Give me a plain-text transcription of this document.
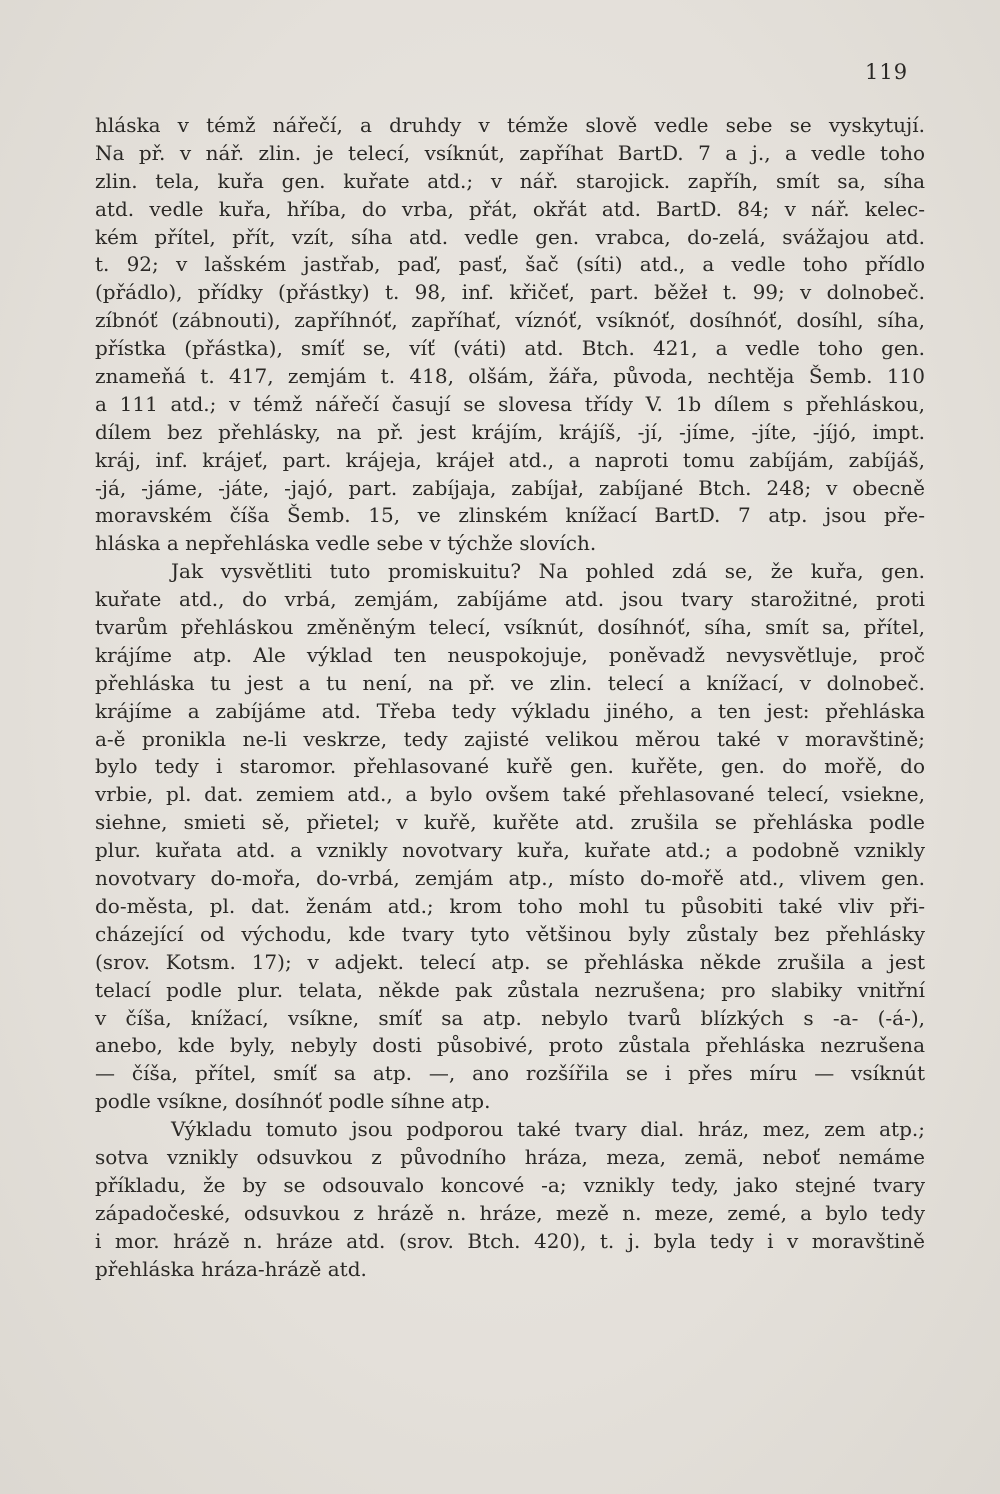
119
hláska v témž nářečí, a druhdy v témže slově vedle sebe se vyskytují.
Na př. v nář. zlin. je telecí, vsíknút, zapříhat BartD. 7 a j., a vedle toho
zlin. tela, kuřa gen. kuřate atd.; v nář. starojick. zapříh, smít sa, síha
atd. vedle kuřa, hříba, do vrba, přát, okřát atd. BartD. 84; v nář. kelec-
kém přítel, přít, vzít, síha atd. vedle gen. vrabca, do-zelá, svážajou atd.
t. 92; v lašském jastřab, paď, pasť, šač (síti) atd., a vedle toho přídlo
(přádlo), přídky (přástky) t. 98, inf. křičeť, part. běžeł t. 99; v dolnobeč.
zíbnóť (zábnouti), zapříhnóť, zapříhať, víznóť, vsíknóť, dosíhnóť, dosíhl, síha,
přístka (přástka), smíť se, víť (váti) atd. Btch. 421, a vedle toho gen.
znameňá t. 417, zemjám t. 418, olšám, žářa, původa, nechtěja Šemb. 110
a 111 atd.; v témž nářečí časují se slovesa třídy V. 1b dílem s přehláskou,
dílem bez přehlásky, na př. jest krájím, krájíš, -jí, -jíme, -jíte, -jíjó, impt.
kráj, inf. krájeť, part. krájeja, krájeł atd., a naproti tomu zabíjám, zabíjáš,
-já, -jáme, -játe, -jajó, part. zabíjaja, zabíjał, zabíjané Btch. 248; v obecně
moravském číša Šemb. 15, ve zlinském knížací BartD. 7 atp. jsou pře-
hláska a nepřehláska vedle sebe v týchže slovích.
Jak vysvětliti tuto promiskuitu? Na pohled zdá se, že kuřa, gen.
kuřate atd., do vrbá, zemjám, zabíjáme atd. jsou tvary starožitné, proti
tvarům přehláskou změněným telecí, vsíknút, dosíhnóť, síha, smít sa, přítel,
krájíme atp. Ale výklad ten neuspokojuje, poněvadž nevysvětluje, proč
přehláska tu jest a tu není, na př. ve zlin. telecí a knížací, v dolnobeč.
krájíme a zabíjáme atd. Třeba tedy výkladu jiného, a ten jest: přehláska
a-ě pronikla ne-li veskrze, tedy zajisté velikou měrou také v moravštině;
bylo tedy i staromor. přehlasované kuřě gen. kuřěte, gen. do mořě, do
vrbie, pl. dat. zemiem atd., a bylo ovšem také přehlasované telecí, vsiekne,
siehne, smieti sě, přietel; v kuřě, kuřěte atd. zrušila se přehláska podle
plur. kuřata atd. a vznikly novotvary kuřa, kuřate atd.; a podobně vznikly
novotvary do-mořa, do-vrbá, zemjám atp., místo do-mořě atd., vlivem gen.
do-města, pl. dat. ženám atd.; krom toho mohl tu působiti také vliv při-
cházející od východu, kde tvary tyto většinou byly zůstaly bez přehlásky
(srov. Kotsm. 17); v adjekt. telecí atp. se přehláska někde zrušila a jest
telací podle plur. telata, někde pak zůstala nezrušena; pro slabiky vnitřní
v číša, knížací, vsíkne, smíť sa atp. nebylo tvarů blízkých s -a- (-á-),
anebo, kde byly, nebyly dosti působivé, proto zůstala přehláska nezrušena
— číša, přítel, smíť sa atp. —, ano rozšířila se i přes míru — vsíknút
podle vsíkne, dosíhnóť podle síhne atp.
Výkladu tomuto jsou podporou také tvary dial. hráz, mez, zem atp.;
sotva vznikly odsuvkou z původního hráza, meza, zemä, neboť nemáme
příkladu, že by se odsouvalo koncové -a; vznikly tedy, jako stejné tvary
západočeské, odsuvkou z hrázě n. hráze, mezě n. meze, zemé, a bylo tedy
i mor. hrázě n. hráze atd. (srov. Btch. 420), t. j. byla tedy i v moravštině
přehláska hráza-hrázě atd.
